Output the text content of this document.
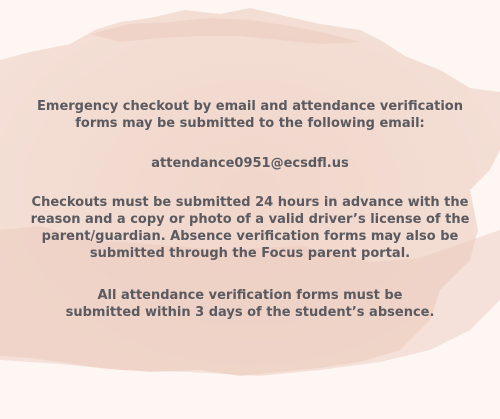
Emergency checkout by email and attendance verification
forms may be submitted to the following email:

attendance0951@ecsdfl.us

Checkouts must be submitted 24 hours in advance with the
reason and a copy or photo of a valid driver’s license of the
parent/guardian. Absence verification forms may also be
submitted through the Focus parent portal.

All attendance verification forms must be
submitted within 3 days of the student’s absence.
